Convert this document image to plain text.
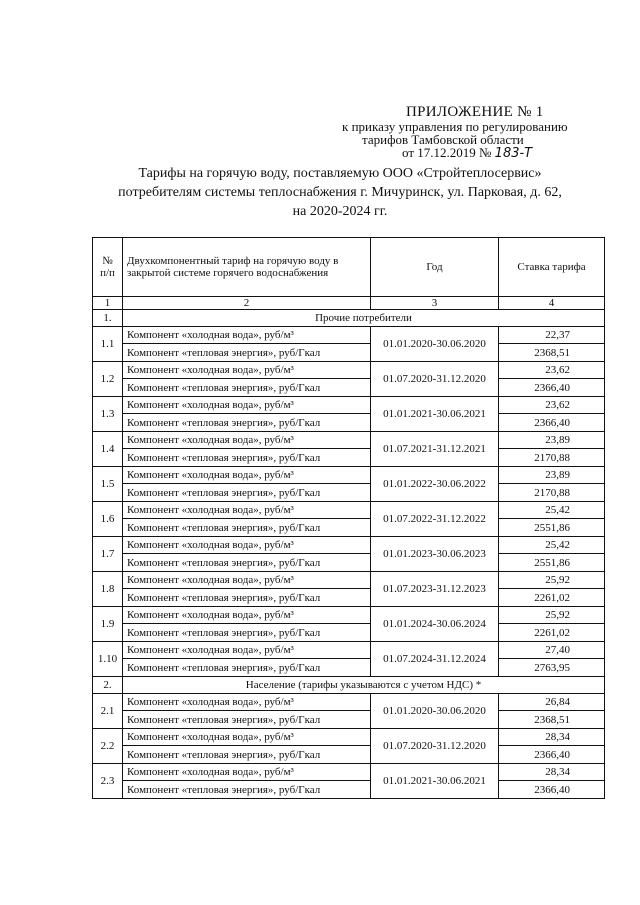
ПРИЛОЖЕНИЕ № 1
к приказу управления по регулированию
тарифов Тамбовской области
от 17.12.2019 № 183-Т
Тарифы на горячую воду, поставляемую ООО «Стройтеплосервис»
потребителям системы теплоснабжения г. Мичуринск, ул. Парковая, д. 62,
на 2020-2024 гг.
№ п/п	Двухкомпонентный тариф на горячую воду в закрытой системе горячего водоснабжения	Год	Ставка тарифа
1	2	3	4
1.	Прочие потребители		
1.1	Компонент «холодная вода», руб/м³	01.01.2020-30.06.2020	22,37
	Компонент «тепловая энергия», руб/Гкал		2368,51
1.2	Компонент «холодная вода», руб/м³	01.07.2020-31.12.2020	23,62
	Компонент «тепловая энергия», руб/Гкал		2366,40
1.3	Компонент «холодная вода», руб/м³	01.01.2021-30.06.2021	23,62
	Компонент «тепловая энергия», руб/Гкал		2366,40
1.4	Компонент «холодная вода», руб/м³	01.07.2021-31.12.2021	23,89
	Компонент «тепловая энергия», руб/Гкал		2170,88
1.5	Компонент «холодная вода», руб/м³	01.01.2022-30.06.2022	23,89
	Компонент «тепловая энергия», руб/Гкал		2170,88
1.6	Компонент «холодная вода», руб/м³	01.07.2022-31.12.2022	25,42
	Компонент «тепловая энергия», руб/Гкал		2551,86
1.7	Компонент «холодная вода», руб/м³	01.01.2023-30.06.2023	25,42
	Компонент «тепловая энергия», руб/Гкал		2551,86
1.8	Компонент «холодная вода», руб/м³	01.07.2023-31.12.2023	25,92
	Компонент «тепловая энергия», руб/Гкал		2261,02
1.9	Компонент «холодная вода», руб/м³	01.01.2024-30.06.2024	25,92
	Компонент «тепловая энергия», руб/Гкал		2261,02
1.10	Компонент «холодная вода», руб/м³	01.07.2024-31.12.2024	27,40
	Компонент «тепловая энергия», руб/Гкал		2763,95
2.	Население (тарифы указываются с учетом НДС) *		
2.1	Компонент «холодная вода», руб/м³	01.01.2020-30.06.2020	26,84
	Компонент «тепловая энергия», руб/Гкал		2368,51
2.2	Компонент «холодная вода», руб/м³	01.07.2020-31.12.2020	28,34
	Компонент «тепловая энергия», руб/Гкал		2366,40
2.3	Компонент «холодная вода», руб/м³	01.01.2021-30.06.2021	28,34
	Компонент «тепловая энергия», руб/Гкал		2366,40
